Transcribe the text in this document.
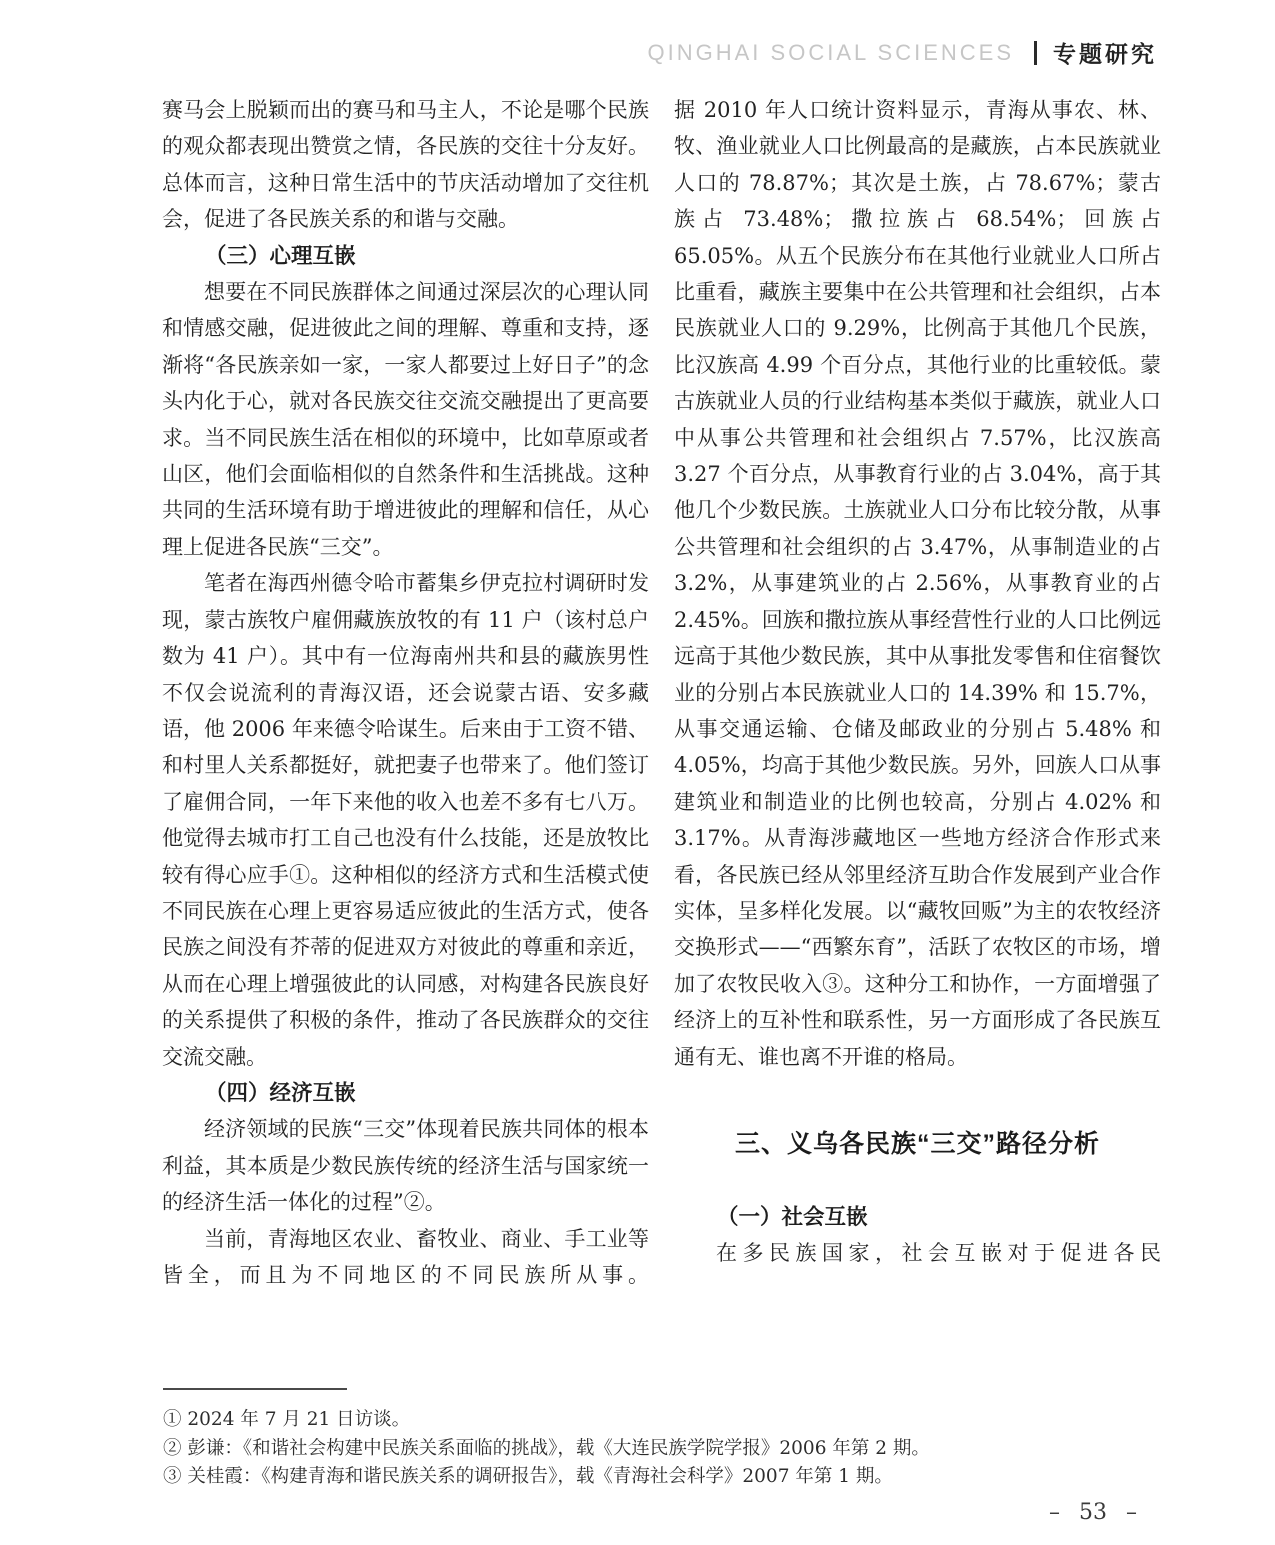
QINGHAI SOCIAL SCIENCES 专题研究

赛马会上脱颖而出的赛马和马主人，不论是哪个民族的观众都表现出赞赏之情，各民族的交往十分友好。总体而言，这种日常生活中的节庆活动增加了交往机会，促进了各民族关系的和谐与交融。

（三）心理互嵌

想要在不同民族群体之间通过深层次的心理认同和情感交融，促进彼此之间的理解、尊重和支持，逐渐将“各民族亲如一家，一家人都要过上好日子”的念头内化于心，就对各民族交往交流交融提出了更高要求。当不同民族生活在相似的环境中，比如草原或者山区，他们会面临相似的自然条件和生活挑战。这种共同的生活环境有助于增进彼此的理解和信任，从心理上促进各民族“三交”。

笔者在海西州德令哈市蓄集乡伊克拉村调研时发现，蒙古族牧户雇佣藏族放牧的有 11 户（该村总户数为 41 户）。其中有一位海南州共和县的藏族男性不仅会说流利的青海汉语，还会说蒙古语、安多藏语，他 2006 年来德令哈谋生。后来由于工资不错、和村里人关系都挺好，就把妻子也带来了。他们签订了雇佣合同，一年下来他的收入也差不多有七八万。他觉得去城市打工自己也没有什么技能，还是放牧比较有得心应手①。这种相似的经济方式和生活模式使不同民族在心理上更容易适应彼此的生活方式，使各民族之间没有芥蒂的促进双方对彼此的尊重和亲近，从而在心理上增强彼此的认同感，对构建各民族良好的关系提供了积极的条件，推动了各民族群众的交往交流交融。

（四）经济互嵌

经济领域的民族“三交”体现着民族共同体的根本利益，其本质是少数民族传统的经济生活与国家统一的经济生活一体化的过程”②。

当前，青海地区农业、畜牧业、商业、手工业等皆全，而且为不同地区的不同民族所从事。

据 2010 年人口统计资料显示，青海从事农、林、牧、渔业就业人口比例最高的是藏族，占本民族就业人口的 78.87%；其次是土族，占 78.67%；蒙古族占 73.48%；撒拉族占 68.54%；回族占 65.05%。从五个民族分布在其他行业就业人口所占比重看，藏族主要集中在公共管理和社会组织，占本民族就业人口的 9.29%，比例高于其他几个民族，比汉族高 4.99 个百分点，其他行业的比重较低。蒙古族就业人员的行业结构基本类似于藏族，就业人口中从事公共管理和社会组织占 7.57%，比汉族高 3.27 个百分点，从事教育行业的占 3.04%，高于其他几个少数民族。土族就业人口分布比较分散，从事公共管理和社会组织的占 3.47%，从事制造业的占 3.2%，从事建筑业的占 2.56%，从事教育业的占 2.45%。回族和撒拉族从事经营性行业的人口比例远远高于其他少数民族，其中从事批发零售和住宿餐饮业的分别占本民族就业人口的 14.39% 和 15.7%，从事交通运输、仓储及邮政业的分别占 5.48% 和 4.05%，均高于其他少数民族。另外，回族人口从事建筑业和制造业的比例也较高，分别占 4.02% 和 3.17%。从青海涉藏地区一些地方经济合作形式来看，各民族已经从邻里经济互助合作发展到产业合作实体，呈多样化发展。以“藏牧回贩”为主的农牧经济交换形式——“西繁东育”，活跃了农牧区的市场，增加了农牧民收入③。这种分工和协作，一方面增强了经济上的互补性和联系性，另一方面形成了各民族互通有无、谁也离不开谁的格局。

三、义乌各民族“三交”路径分析
（一）社会互嵌

在多民族国家，社会互嵌对于促进各民

① 2024 年 7 月 21 日访谈。
② 彭谦：《和谐社会构建中民族关系面临的挑战》，载《大连民族学院学报》2006 年第 2 期。
③ 关桂霞：《构建青海和谐民族关系的调研报告》，载《青海社会科学》2007 年第 1 期。
– 53 –
